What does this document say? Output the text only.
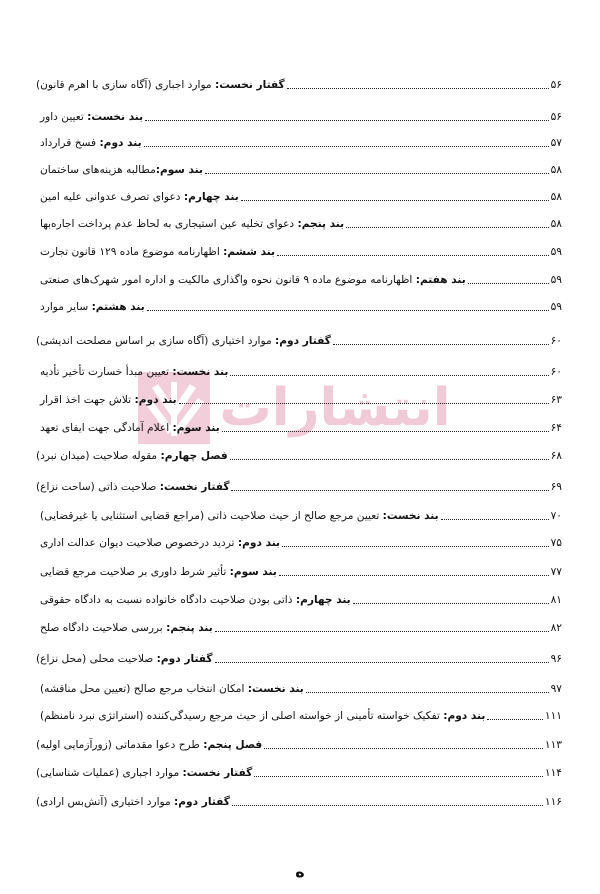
انتشارات
گفتار نخست: موارد اجباری (آگاه سازی با اهرم قانون)	۵۶
بند نخست: تعیین داور	۵۶
بند دوم: فسخ قرارداد	۵۷
بند سوم:مطالبه هزینه‌های ساختمان	۵۸
بند چهارم: دعوای تصرف عدوانی علیه امین	۵۸
بند پنجم: دعوای تخلیه عین استیجاری به لحاظ عدم پرداخت اجاره‌بها	۵۸
بند ششم: اظهارنامه موضوع ماده ۱۲۹ قانون تجارت	۵۹
بند هفتم: اظهارنامه موضوع ماده ۹ قانون نحوه واگذاری مالکیت و اداره امور شهرک‌های صنعتی	۵۹
بند هشتم: سایر موارد	۵۹
گفتار دوم: موارد اختیاری (آگاه سازی بر اساس مصلحت اندیشی)	۶۰
بند نخست: تعیین مبدأ خسارت تأخیر تأدیه	۶۰
بند دوم: تلاش جهت اخذ اقرار	۶۳
بند سوم: اعلام آمادگی جهت ایفای تعهد	۶۴
فصل چهارم: مقوله صلاحیت (میدان نبرد)	۶۸
گفتار نخست: صلاحیت ذاتی (ساحت نزاع)	۶۹
بند نخست: تعیین مرجع صالح از حیث صلاحیت ذاتی (مراجع قضایی استثنایی یا غیرقضایی)	۷۰
بند دوم: تردید درخصوص صلاحیت دیوان عدالت اداری	۷۵
بند سوم: تأثیر شرط داوری بر صلاحیت مرجع قضایی	۷۷
بند چهارم: ذاتی بودن صلاحیت دادگاه خانواده نسبت به دادگاه حقوقی	۸۱
بند پنجم: بررسی صلاحیت دادگاه صلح	۸۲
گفتار دوم: صلاحیت محلی (محل نزاع)	۹۶
بند نخست: امکان انتخاب مرجع صالح (تعیین محل مناقشه)	۹۷
بند دوم: تفکیک خواسته تأمینی از خواسته اصلی از حیث مرجع رسیدگی‌کننده (استراتژی نبرد نامنظم)	۱۱۱
فصل پنجم: طرح دعوا مقدماتی (زورآزمایی اولیه)	۱۱۳
گفتار نخست: موارد اجباری (عملیات شناسایی)	۱۱۴
گفتار دوم: موارد اختیاری (آتش‌بس ارادی)	۱۱۶
ه
